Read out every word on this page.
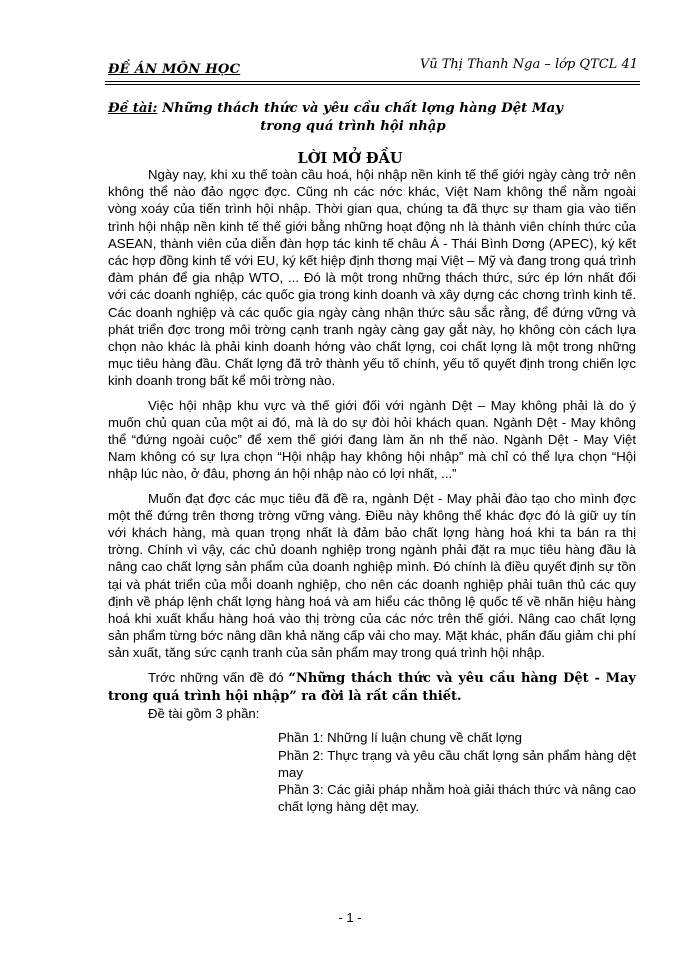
ĐỀ ÁN MÔN HỌC	Vũ Thị Thanh Nga – lớp QTCL 41
Đề tài: Những thách thức và yêu cầu chất lợng hàng Dệt May
trong quá trình hội nhập
LỜI MỞ ĐẦU

Ngày nay, khi xu thế toàn cầu hoá, hội nhập nền kinh tế thế giới ngày càng trở nên không thể nào đảo ngợc đợc. Cũng nh các nớc khác, Việt Nam không thể nằm ngoài vòng xoáy của tiến trình hội nhập. Thời gian qua, chúng ta đã thực sự tham gia vào tiến trình hội nhập nền kinh tế thế giới bằng những hoạt động nh là thành viên chính thức của ASEAN, thành viên của diễn đàn hợp tác kinh tế châu Á - Thái Bình Dơng (APEC), ký kết các hợp đồng kinh tế với EU, ký kết hiệp định thơng mại Việt – Mỹ và đang trong quá trình đàm phán để gia nhập WTO, ... Đó là một trong những thách thức, sức ép lớn nhất đối với các doanh nghiệp, các quốc gia trong kinh doanh và xây dựng các chơng trình kinh tế. Các doanh nghiệp và các quốc gia ngày càng nhận thức sâu sắc rằng, để đứng vững và phát triển đợc trong môi trờng cạnh tranh ngày càng gay gắt này, họ không còn cách lựa chọn nào khác là phải kinh doanh hớng vào chất lợng, coi chất lợng là một trong những mục tiêu hàng đầu. Chất lợng đã trở thành yếu tố chính, yếu tố quyết định trong chiến lợc kinh doanh trong bất kể môi trờng nào.

Việc hội nhập khu vực và thế giới đối với ngành Dệt – May không phải là do ý muốn chủ quan của một ai đó, mà là do sự đòi hỏi khách quan. Ngành Dệt - May không thể “đứng ngoài cuộc” để xem thế giới đang làm ăn nh thế nào. Ngành Dệt - May Việt Nam không có sự lựa chọn “Hội nhập hay không hội nhập” mà chỉ có thể lựa chọn “Hội nhập lúc nào, ở đâu, phơng án hội nhập nào có lợi nhất, ...”

Muốn đạt đợc các mục tiêu đã đề ra, ngành Dệt - May phải đào tạo cho mình đợc một thế đứng trên thơng trờng vững vàng. Điều này không thể khác đợc đó là giữ uy tín với khách hàng, mà quan trọng nhất là đảm bảo chất lợng hàng hoá khi ta bán ra thị trờng. Chính vì vậy, các chủ doanh nghiệp trong ngành phải đặt ra mục tiêu hàng đầu là nâng cao chất lợng sản phẩm của doanh nghiệp mình. Đó chính là điều quyết định sự tồn tại và phát triển của mỗi doanh nghiệp, cho nên các doanh nghiệp phải tuân thủ các quy định về pháp lệnh chất lợng hàng hoá và am hiểu các thông lệ quốc tế về nhãn hiệu hàng hoá khi xuất khẩu hàng hoá vào thị trờng của các nớc trên thế giới. Nâng cao chất lợng sản phẩm từng bớc nâng dần khả năng cấp vải cho may. Mặt khác, phấn đấu giảm chi phí sản xuất, tăng sức cạnh tranh của sản phẩm may trong quá trình hội nhập.

Trớc những vấn đề đó “Những thách thức và yêu cầu hàng Dệt - May trong quá trình hội nhập” ra đời là rất cần thiết.

Đề tài gồm 3 phần:

Phần 1: Những lí luận chung về chất lợng
Phần 2: Thực trạng và yêu cầu chất lợng sản phẩm hàng dệt may
Phần 3: Các giải pháp nhằm hoà giải thách thức và nâng cao chất lợng hàng dệt may.
- 1 -
